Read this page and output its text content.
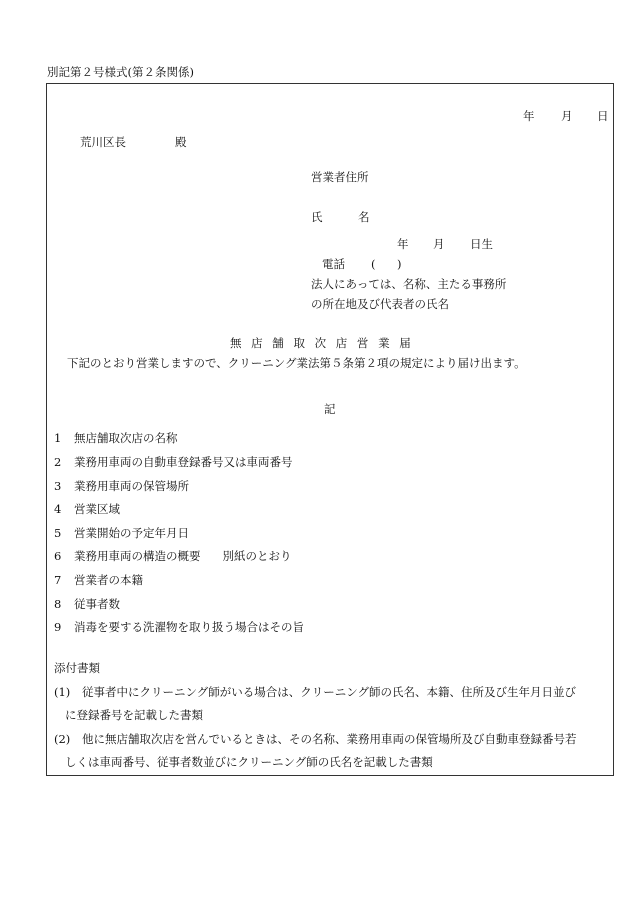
別記第２号様式(第２条関係)
年 月 日
荒川区長	殿
営業者住所
氏	名
年 月 日生
電話 ( )
法人にあっては、名称、主たる事務所
の所在地及び代表者の氏名
無 店 舗 取 次 店 営 業 届
下記のとおり営業しますので、クリーニング業法第５条第２項の規定により届け出ます。
記
1 無店舗取次店の名称
2 業務用車両の自動車登録番号又は車両番号
3 業務用車両の保管場所
4 営業区域
5 営業開始の予定年月日
6 業務用車両の構造の概要 別紙のとおり
7 営業者の本籍
8 従事者数
9 消毒を要する洗濯物を取り扱う場合はその旨
添付書類
(1) 従事者中にクリーニング師がいる場合は、クリーニング師の氏名、本籍、住所及び生年月日並び
に登録番号を記載した書類
(2) 他に無店舗取次店を営んでいるときは、その名称、業務用車両の保管場所及び自動車登録番号若
しくは車両番号、従事者数並びにクリーニング師の氏名を記載した書類
